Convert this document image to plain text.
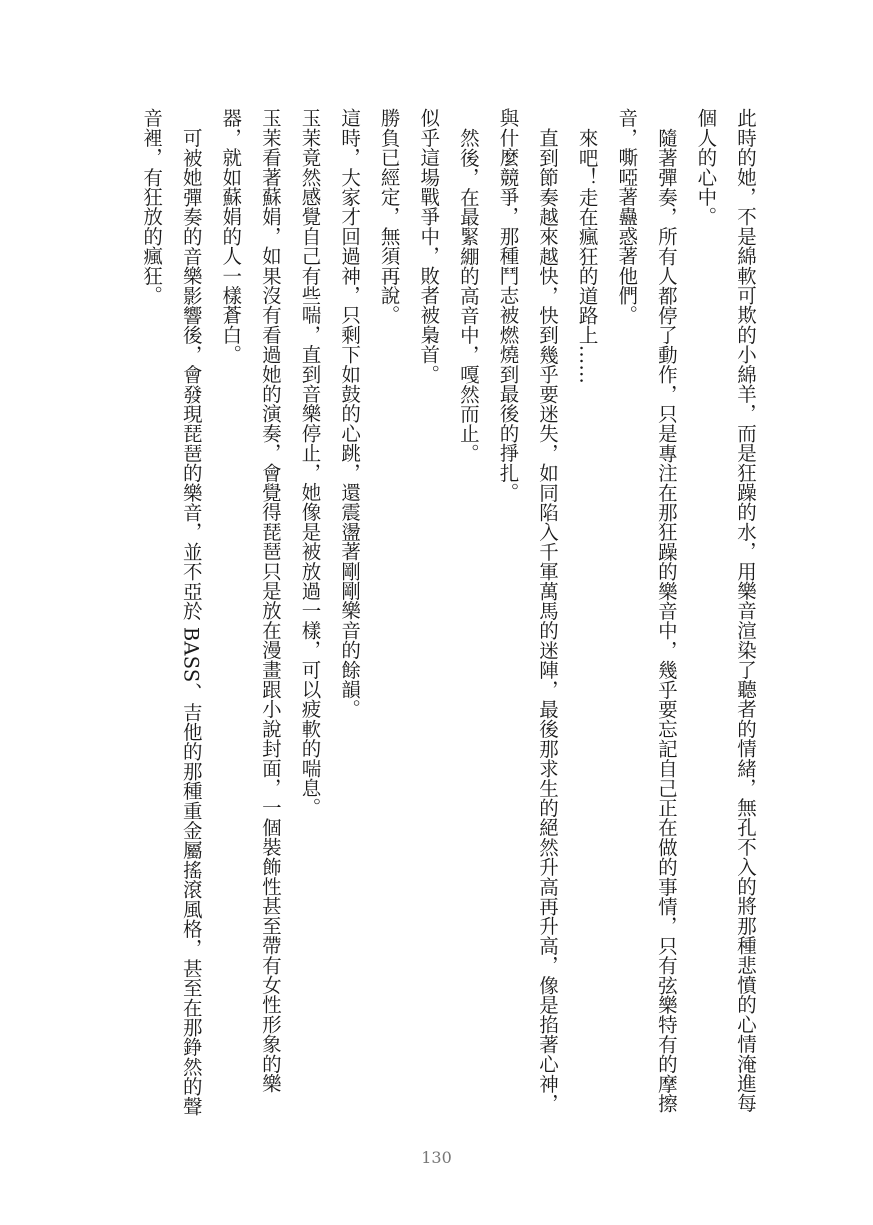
此時的她，不是綿軟可欺的小綿羊，而是狂躁的水，用樂音渲染了聽者的情緒，無孔不入的將那種悲憤的心情淹進每個人的心中。

隨著彈奏，所有人都停了動作，只是專注在那狂躁的樂音中，幾乎要忘記自己正在做的事情，只有弦樂特有的摩擦音，嘶啞著蠱惑著他們。

來吧！走在瘋狂的道路上……

直到節奏越來越快，快到幾乎要迷失，如同陷入千軍萬馬的迷陣，最後那求生的絕然升高再升高，像是掐著心神，與什麼競爭，那種鬥志被燃燒到最後的掙扎。

然後，在最緊綳的高音中，嘎然而止。

似乎這場戰爭中，敗者被梟首。

勝負已經定，無須再說。

這時，大家才回過神，只剩下如鼓的心跳，還震盪著剛剛樂音的餘韻。

玉茉竟然感覺自己有些喘，直到音樂停止，她像是被放過一樣，可以疲軟的喘息。

玉茉看著蘇娟，如果沒有看過她的演奏，會覺得琵琶只是放在漫畫跟小說封面，一個裝飾性甚至帶有女性形象的樂器，就如蘇娟的人一樣蒼白。

可被她彈奏的音樂影響後，會發現琵琶的樂音，並不亞於 BASS、吉他的那種重金屬搖滾風格，甚至在那錚然的聲音裡，有狂放的瘋狂。

130
